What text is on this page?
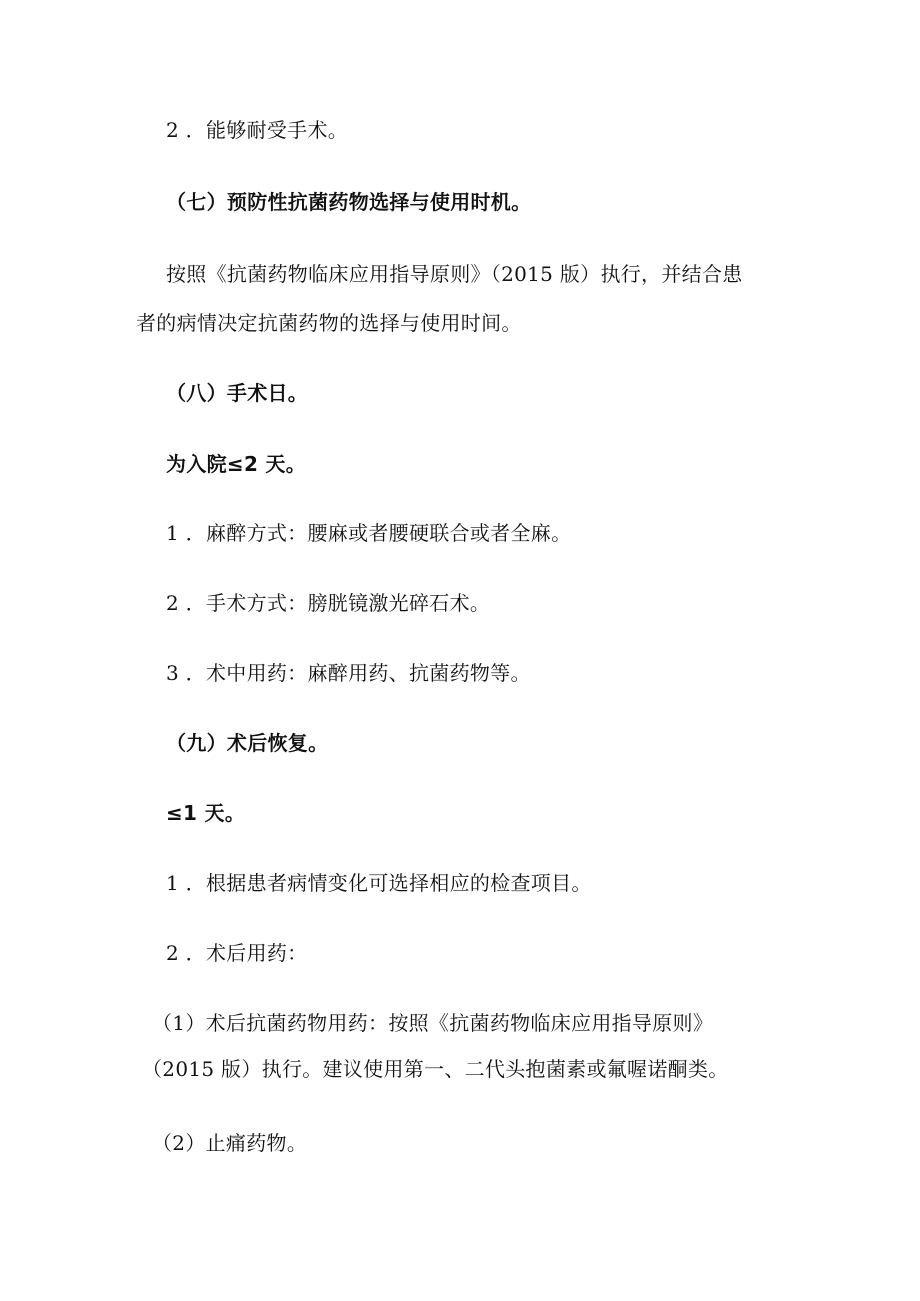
2 ．能够耐受手术。
（七）预防性抗菌药物选择与使用时机。
按照《抗菌药物临床应用指导原则》（2015 版）执行，并结合患
者的病情决定抗菌药物的选择与使用时间。
（八）手术日。
为入院≤2 天。
1 ．麻醉方式：腰麻或者腰硬联合或者全麻。
2 ．手术方式：膀胱镜激光碎石术。
3 ．术中用药：麻醉用药、抗菌药物等。
（九）术后恢复。
≤1 天。
1 ．根据患者病情变化可选择相应的检查项目。
2 ．术后用药：
（1）术后抗菌药物用药：按照《抗菌药物临床应用指导原则》
（2015 版）执行。建议使用第一、二代头抱菌素或氟喔诺酮类。
（2）止痛药物。
